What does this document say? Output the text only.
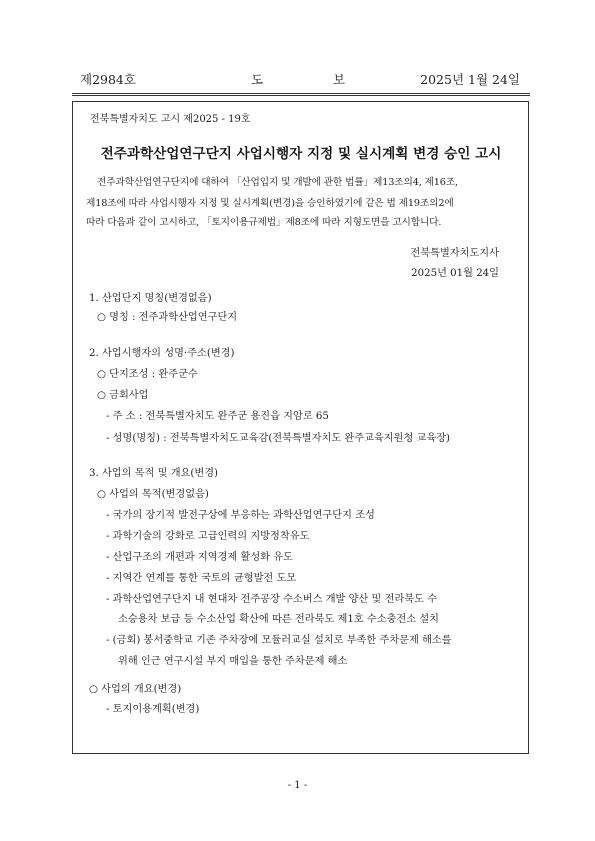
제2984호	도	보	2025년 1월 24일
전북특별자치도 고시 제2025 - 19호
전주과학산업연구단지 사업시행자 지정 및 실시계획 변경 승인 고시
전주과학산업연구단지에 대하여 「산업입지 및 개발에 관한 법률」제13조의4, 제16조,
제18조에 따라 사업시행자 지정 및 실시계획(변경)을 승인하였기에 같은 법 제19조의2에
따라 다음과 같이 고시하고, 「토지이용규제법」제8조에 따라 지형도면을 고시합니다.
전북특별자치도지사
2025년 01월 24일
1. 산업단지 명칭(변경없음)
○ 명칭 : 전주과학산업연구단지
2. 사업시행자의 성명·주소(변경)
○ 단지조성 : 완주군수
○ 금회사업
- 주 소 : 전북특별자치도 완주군 용진읍 지암로 65
- 성명(명칭) : 전북특별자치도교육감(전북특별자치도 완주교육지원청 교육장)
3. 사업의 목적 및 개요(변경)
○ 사업의 목적(변경없음)
- 국가의 장기적 발전구상에 부응하는 과학산업연구단지 조성
- 과학기술의 강화로 고급인력의 지방정착유도
- 산업구조의 개편과 지역경제 활성화 유도
- 지역간 연계를 통한 국토의 균형발전 도모
- 과학산업연구단지 내 현대차 전주공장 수소버스 개발 양산 및 전라북도 수
소승용차 보급 등 수소산업 확산에 따른 전라북도 제1호 수소충전소 설치
- (금회) 봉서중학교 기존 주차장에 모듈러교실 설치로 부족한 주차문제 해소를
위해 인근 연구시설 부지 매입을 통한 주차문제 해소
○ 사업의 개요(변경)
- 토지이용계획(변경)
- 1 -
